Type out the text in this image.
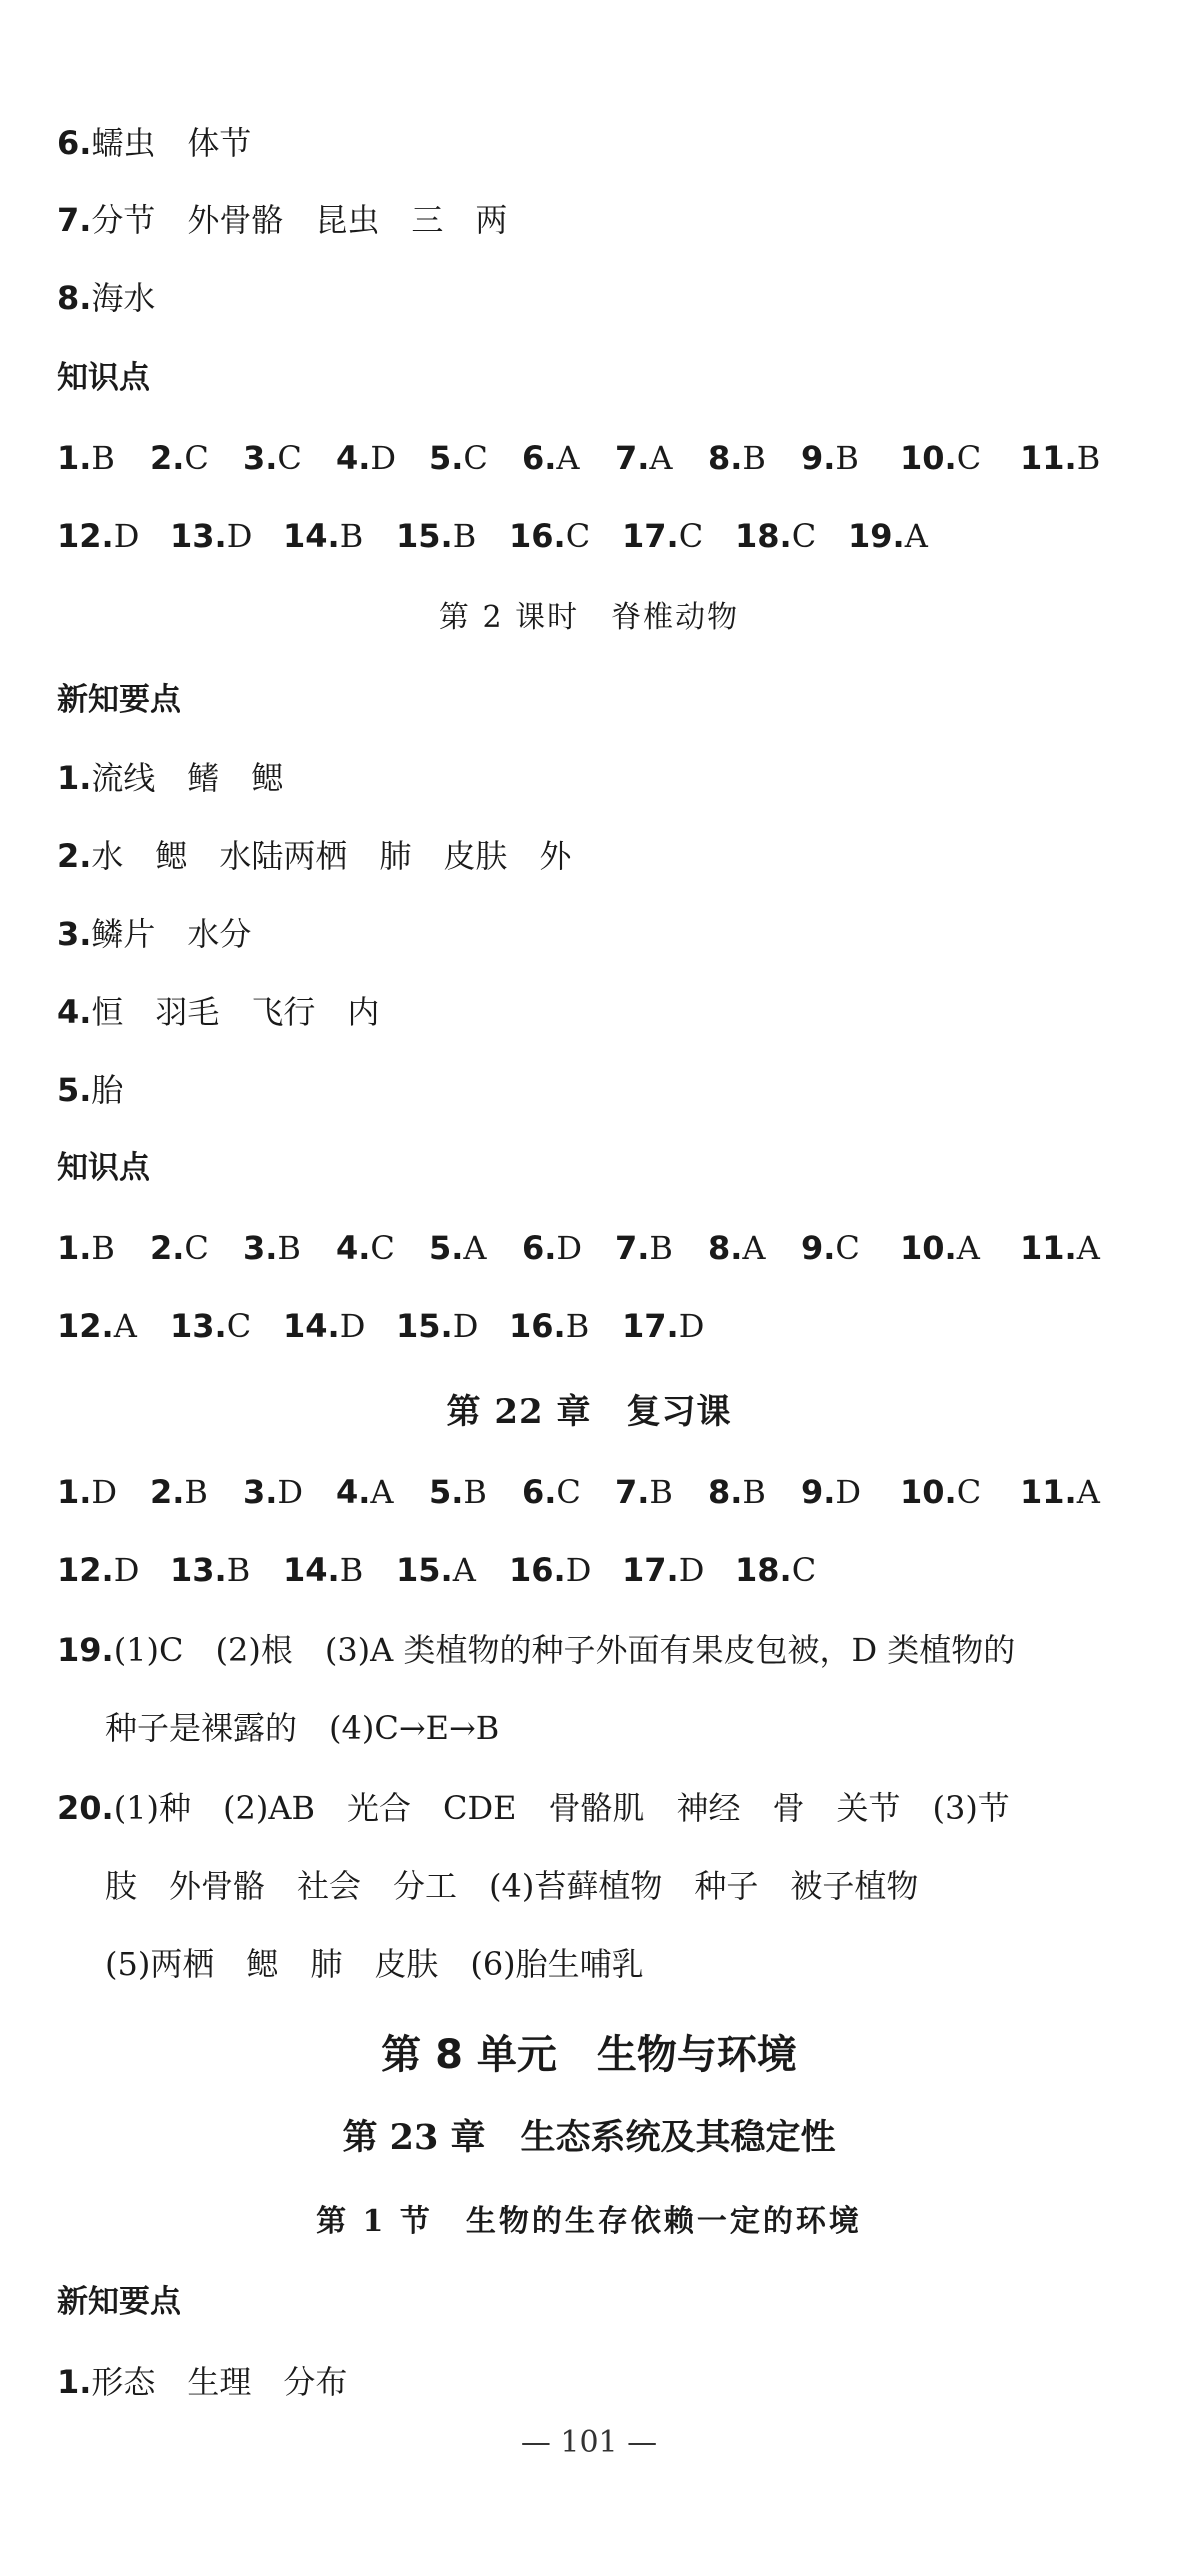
6.蠕虫　体节
7.分节　外骨骼　昆虫　三　两
8.海水
知识点
1.B 2.C 3.C 4.D 5.C 6.A 7.A 8.B 9.B 10.C 11.B
12.D 13.D 14.B 15.B 16.C 17.C 18.C 19.A
第 2 课时　脊椎动物
新知要点
1.流线　鳍　鳃
2.水　鳃　水陆两栖　肺　皮肤　外
3.鳞片　水分
4.恒　羽毛　飞行　内
5.胎
知识点
1.B 2.C 3.B 4.C 5.A 6.D 7.B 8.A 9.C 10.A 11.A
12.A 13.C 14.D 15.D 16.B 17.D
第 22 章　复习课
1.D 2.B 3.D 4.A 5.B 6.C 7.B 8.B 9.D 10.C 11.A
12.D 13.B 14.B 15.A 16.D 17.D 18.C
19.(1)C　(2)根　(3)A 类植物的种子外面有果皮包被，D 类植物的
种子是裸露的　(4)C→E→B
20.(1)种　(2)AB　光合　CDE　骨骼肌　神经　骨　关节　(3)节
肢　外骨骼　社会　分工　(4)苔藓植物　种子　被子植物
(5)两栖　鳃　肺　皮肤　(6)胎生哺乳
第 8 单元　生物与环境
第 23 章　生态系统及其稳定性
第 1 节　生物的生存依赖一定的环境
新知要点
1.形态　生理　分布
— 101 —
